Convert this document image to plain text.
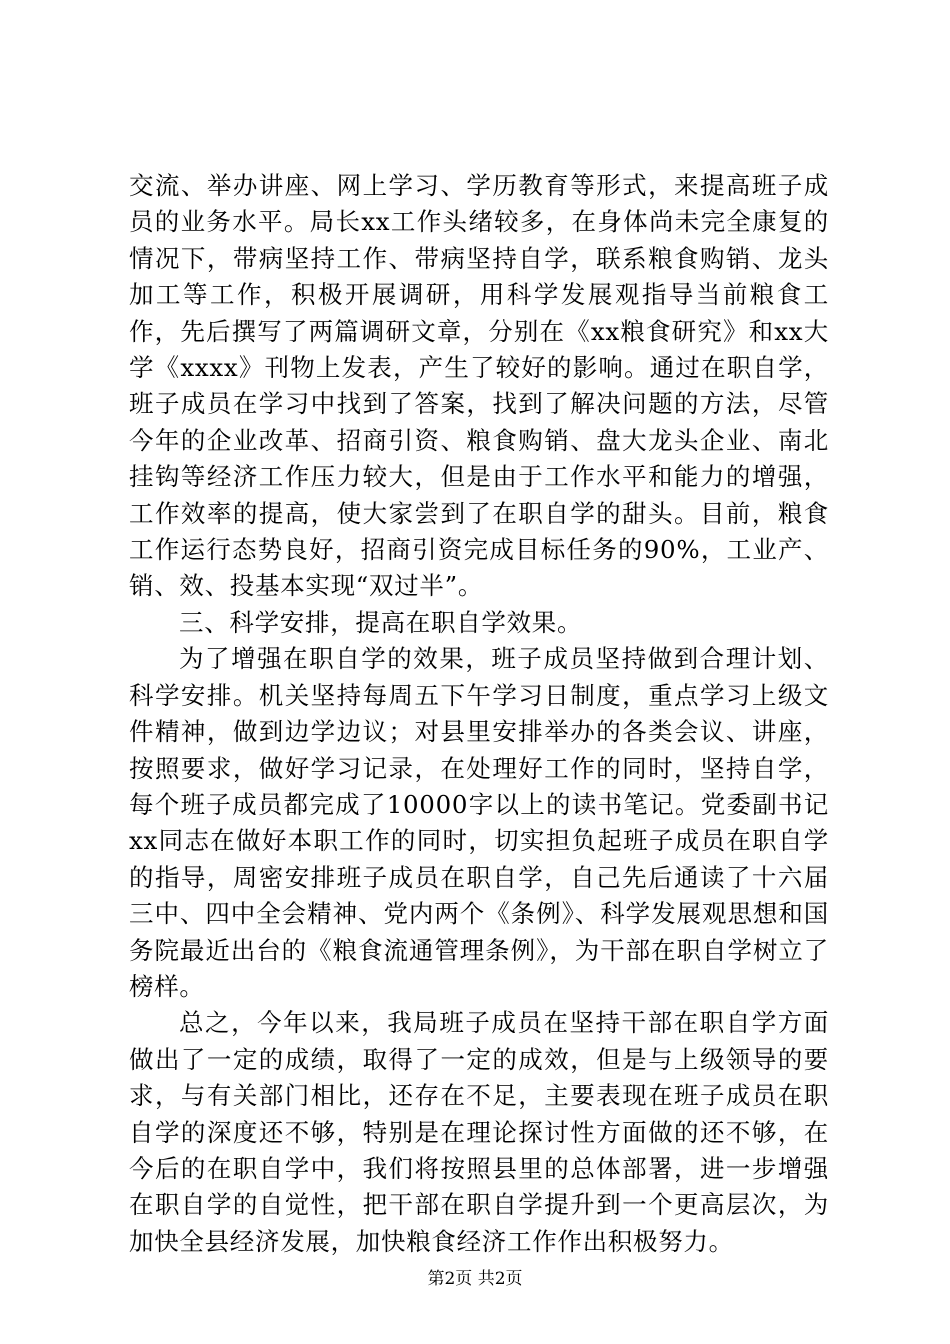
交流、举办讲座、网上学习、学历教育等形式，来提高班子成员的业务水平。局长xx工作头绪较多，在身体尚未完全康复的情况下，带病坚持工作、带病坚持自学，联系粮食购销、龙头加工等工作，积极开展调研，用科学发展观指导当前粮食工作，先后撰写了两篇调研文章，分别在《xx粮食研究》和xx大学《xxxx》刊物上发表，产生了较好的影响。通过在职自学，班子成员在学习中找到了答案，找到了解决问题的方法，尽管今年的企业改革、招商引资、粮食购销、盘大龙头企业、南北挂钩等经济工作压力较大，但是由于工作水平和能力的增强，工作效率的提高，使大家尝到了在职自学的甜头。目前，粮食工作运行态势良好，招商引资完成目标任务的90%，工业产、销、效、投基本实现“双过半”。

三、科学安排，提高在职自学效果。

为了增强在职自学的效果，班子成员坚持做到合理计划、科学安排。机关坚持每周五下午学习日制度，重点学习上级文件精神，做到边学边议；对县里安排举办的各类会议、讲座，按照要求，做好学习记录，在处理好工作的同时，坚持自学，每个班子成员都完成了10000字以上的读书笔记。党委副书记xx同志在做好本职工作的同时，切实担负起班子成员在职自学的指导，周密安排班子成员在职自学，自己先后通读了十六届三中、四中全会精神、党内两个《条例》、科学发展观思想和国务院最近出台的《粮食流通管理条例》，为干部在职自学树立了榜样。

总之，今年以来，我局班子成员在坚持干部在职自学方面做出了一定的成绩，取得了一定的成效，但是与上级领导的要求，与有关部门相比，还存在不足，主要表现在班子成员在职自学的深度还不够，特别是在理论探讨性方面做的还不够，在今后的在职自学中，我们将按照县里的总体部署，进一步增强在职自学的自觉性，把干部在职自学提升到一个更高层次，为加快全县经济发展，加快粮食经济工作作出积极努力。

第2页 共2页
